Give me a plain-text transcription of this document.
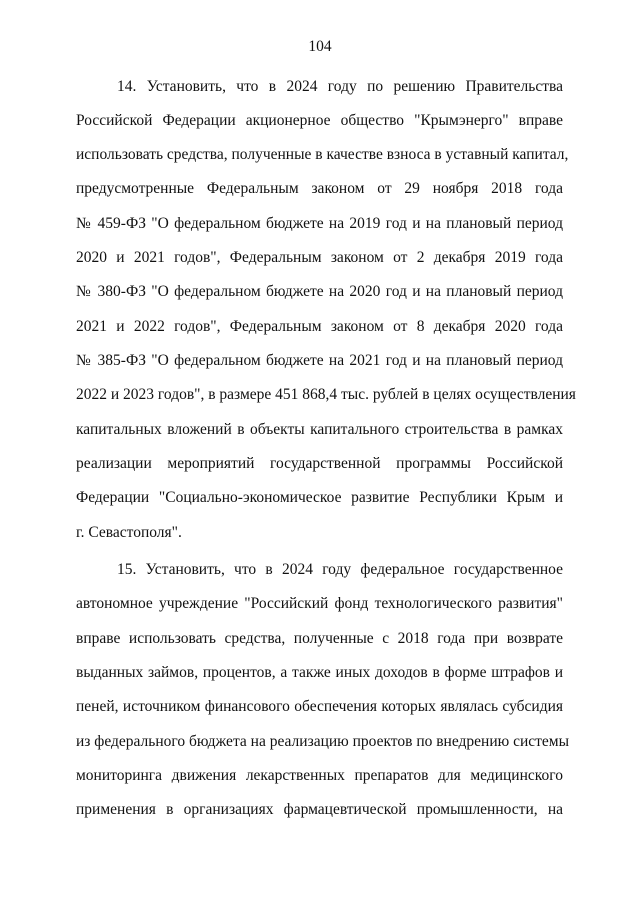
104
14. Установить, что в 2024 году по решению Правительства
Российской Федерации акционерное общество "Крымэнерго" вправе
использовать средства, полученные в качестве взноса в уставный капитал,
предусмотренные Федеральным законом от 29 ноября 2018 года
№ 459-ФЗ "О федеральном бюджете на 2019 год и на плановый период
2020 и 2021 годов", Федеральным законом от 2 декабря 2019 года
№ 380-ФЗ "О федеральном бюджете на 2020 год и на плановый период
2021 и 2022 годов", Федеральным законом от 8 декабря 2020 года
№ 385-ФЗ "О федеральном бюджете на 2021 год и на плановый период
2022 и 2023 годов", в размере 451 868,4 тыс. рублей в целях осуществления
капитальных вложений в объекты капитального строительства в рамках
реализации мероприятий государственной программы Российской
Федерации "Социально-экономическое развитие Республики Крым и
г. Севастополя".
15. Установить, что в 2024 году федеральное государственное
автономное учреждение "Российский фонд технологического развития"
вправе использовать средства, полученные с 2018 года при возврате
выданных займов, процентов, а также иных доходов в форме штрафов и
пеней, источником финансового обеспечения которых являлась субсидия
из федерального бюджета на реализацию проектов по внедрению системы
мониторинга движения лекарственных препаратов для медицинского
применения в организациях фармацевтической промышленности, на
